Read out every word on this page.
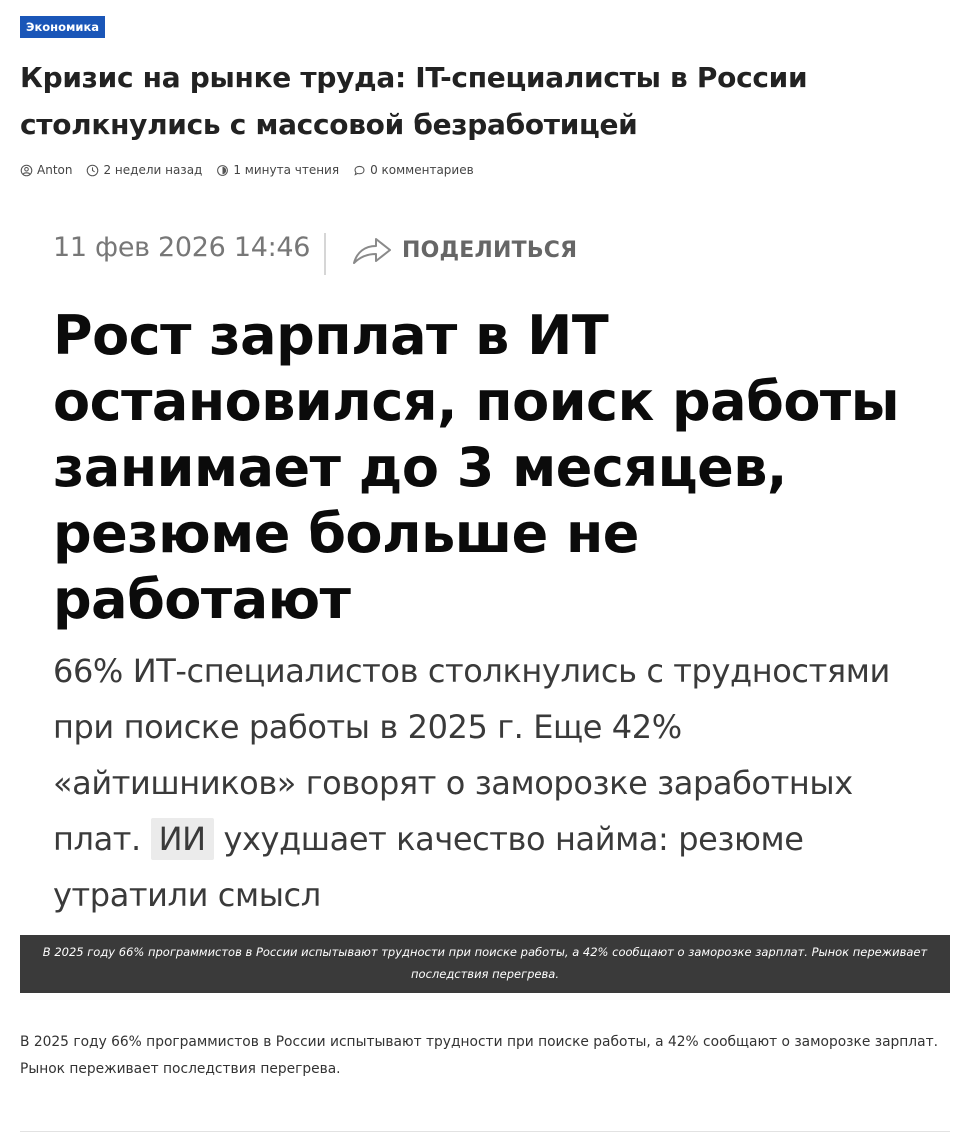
Экономика
Кризис на рынке труда: IT-специалисты в России столкнулись с массовой безработицей
Anton	2 недели назад	1 минута чтения	0 комментариев
11 фев 2026 14:46	ПОДЕЛИТЬСЯ
Рост зарплат в ИТ остановился, поиск работы занимает до 3 месяцев, резюме больше не работают

66% ИТ-специалистов столкнулись с трудностями при поиске работы в 2025 г. Еще 42% «айтишников» говорят о заморозке заработных плат. ИИ ухудшает качество найма: резюме утратили смысл

В 2025 году 66% программистов в России испытывают трудности при поиске работы, а 42% сообщают о заморозке зарплат. Рынок переживает последствия перегрева.

В 2025 году 66% программистов в России испытывают трудности при поиске работы, а 42% сообщают о заморозке зарплат. Рынок переживает последствия перегрева.
